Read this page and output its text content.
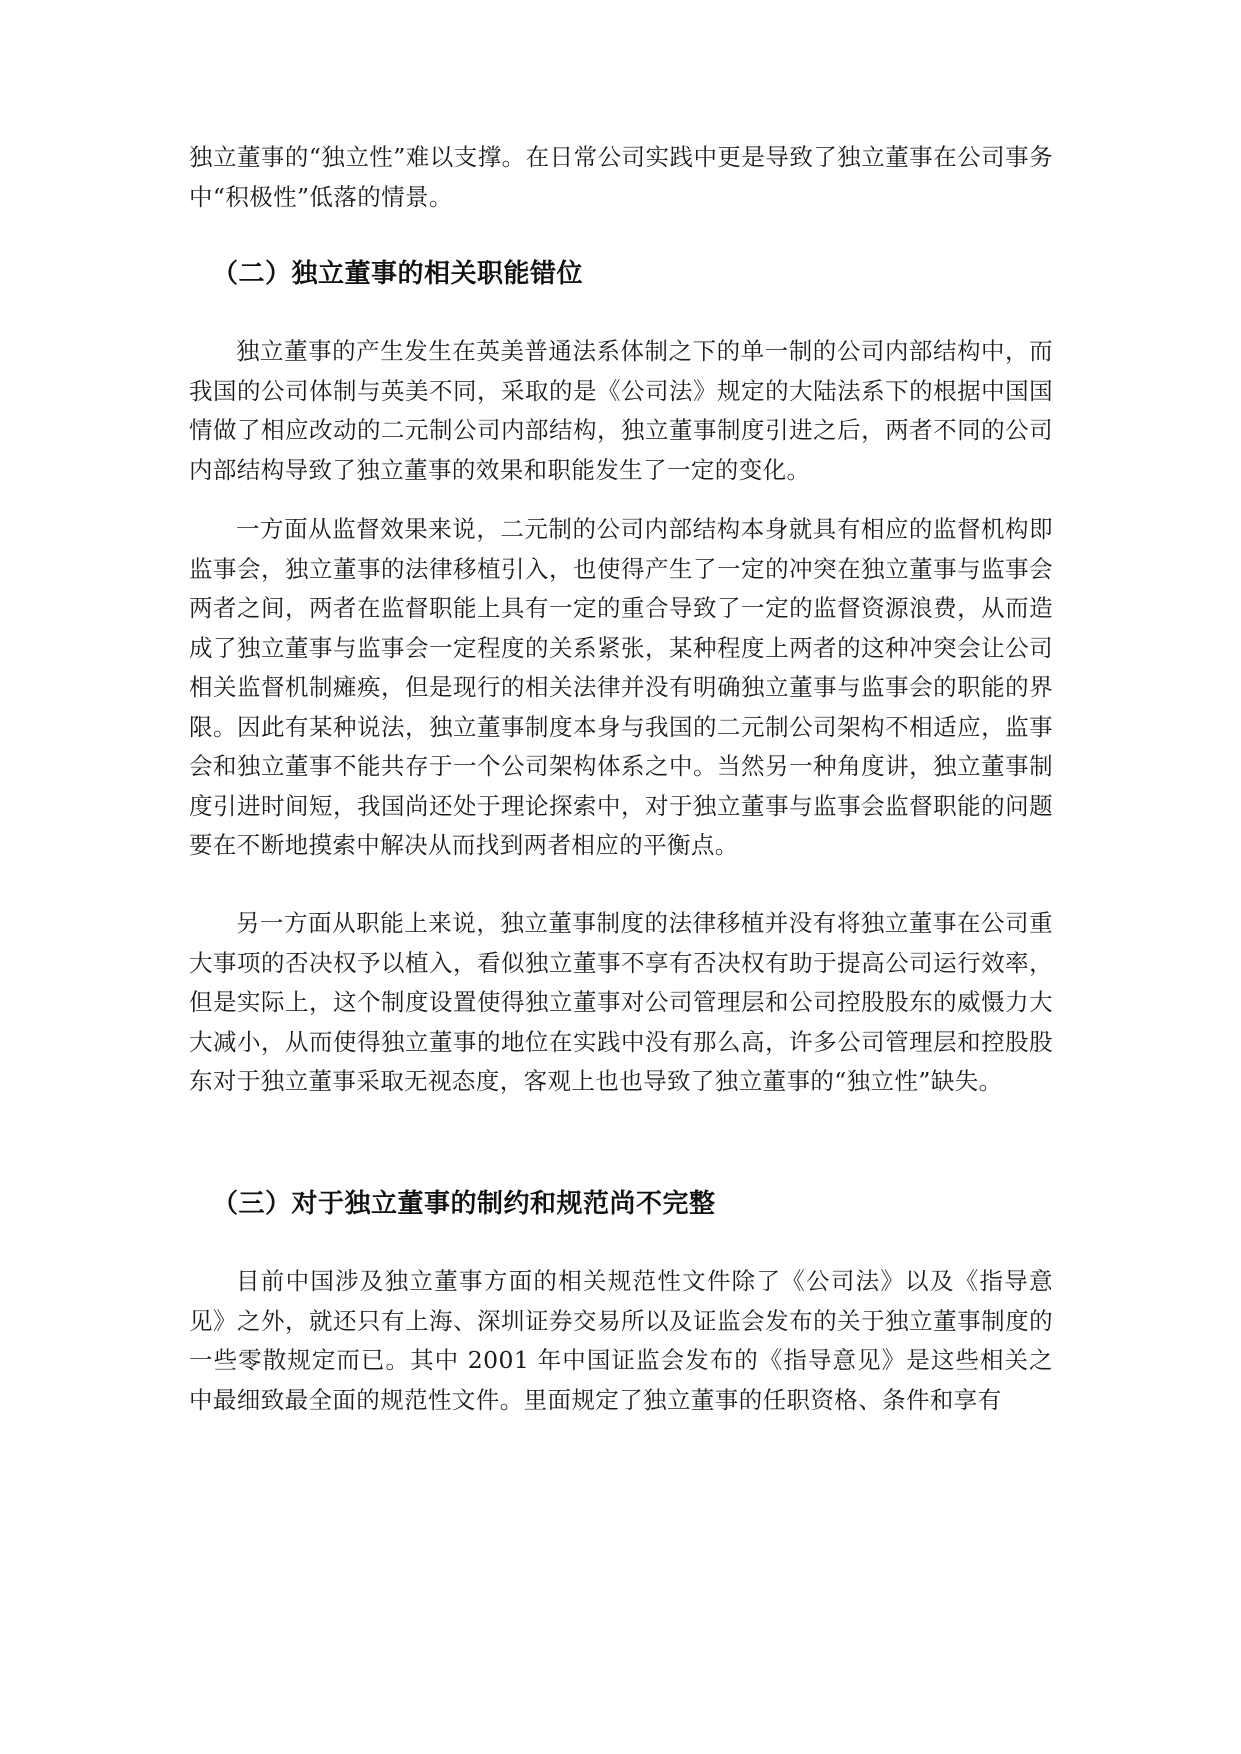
独立董事的“独立性”难以支撑。在日常公司实践中更是导致了独立董事在公司事务中“积极性”低落的情景。

（二）独立董事的相关职能错位

独立董事的产生发生在英美普通法系体制之下的单一制的公司内部结构中，而我国的公司体制与英美不同，采取的是《公司法》规定的大陆法系下的根据中国国情做了相应改动的二元制公司内部结构，独立董事制度引进之后，两者不同的公司内部结构导致了独立董事的效果和职能发生了一定的变化。

一方面从监督效果来说，二元制的公司内部结构本身就具有相应的监督机构即监事会，独立董事的法律移植引入，也使得产生了一定的冲突在独立董事与监事会两者之间，两者在监督职能上具有一定的重合导致了一定的监督资源浪费，从而造成了独立董事与监事会一定程度的关系紧张，某种程度上两者的这种冲突会让公司相关监督机制瘫痪，但是现行的相关法律并没有明确独立董事与监事会的职能的界限。因此有某种说法，独立董事制度本身与我国的二元制公司架构不相适应，监事会和独立董事不能共存于一个公司架构体系之中。当然另一种角度讲，独立董事制度引进时间短，我国尚还处于理论探索中，对于独立董事与监事会监督职能的问题要在不断地摸索中解决从而找到两者相应的平衡点。

另一方面从职能上来说，独立董事制度的法律移植并没有将独立董事在公司重大事项的否决权予以植入，看似独立董事不享有否决权有助于提高公司运行效率，但是实际上，这个制度设置使得独立董事对公司管理层和公司控股股东的威慑力大大减小，从而使得独立董事的地位在实践中没有那么高，许多公司管理层和控股股东对于独立董事采取无视态度，客观上也也导致了独立董事的“独立性”缺失。

（三）对于独立董事的制约和规范尚不完整

目前中国涉及独立董事方面的相关规范性文件除了《公司法》以及《指导意见》之外，就还只有上海、深圳证券交易所以及证监会发布的关于独立董事制度的一些零散规定而已。其中 2001 年中国证监会发布的《指导意见》是这些相关之中最细致最全面的规范性文件。里面规定了独立董事的任职资格、条件和享有
